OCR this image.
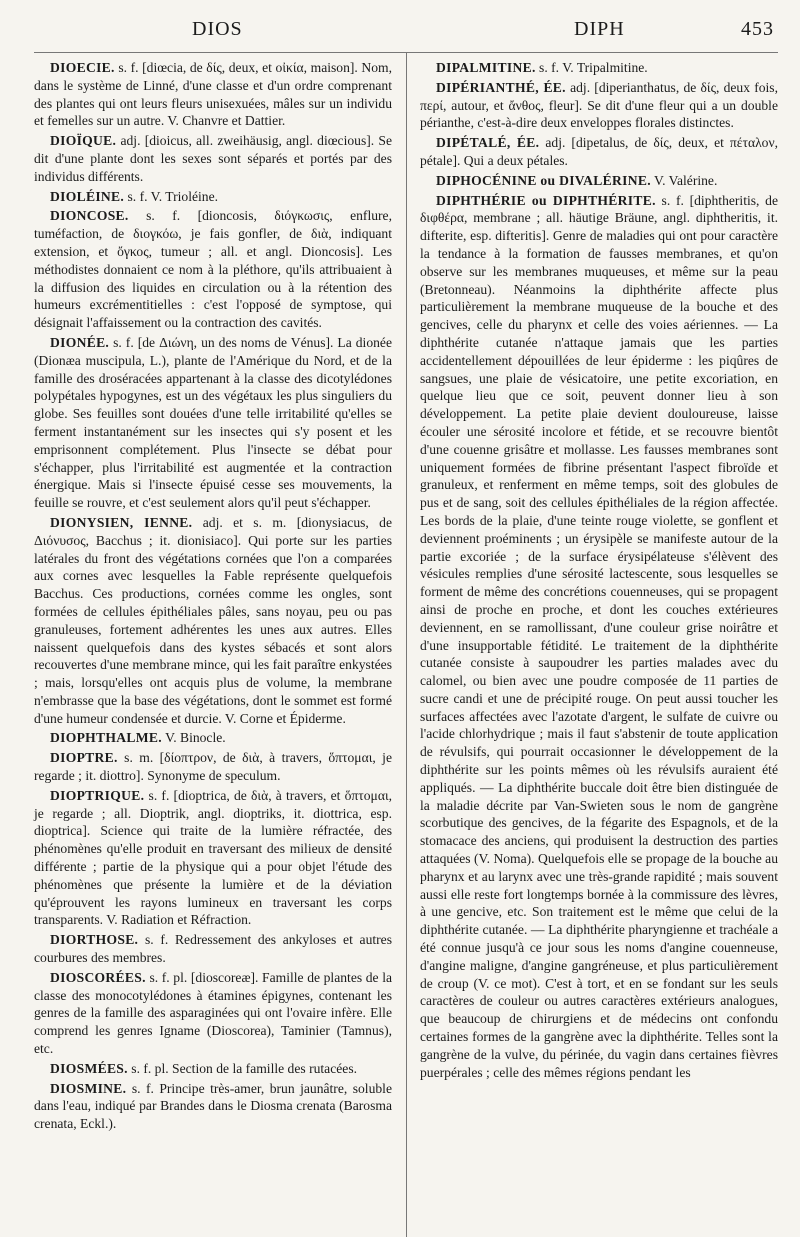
DIOS	DIPH	453

DIOECIE. s. f. [diœcia, de δίς, deux, et οἰκία, maison]. Nom, dans le système de Linné, d'une classe et d'un ordre comprenant des plantes qui ont leurs fleurs unisexuées, mâles sur un individu et femelles sur un autre. V. Chanvre et Dattier.

DIOÏQUE. adj. [dioicus, all. zweihäusig, angl. diœcious]. Se dit d'une plante dont les sexes sont séparés et portés par des individus différents.

DIOLÉINE. s. f. V. Trioléine.

DIONCOSE. s. f. [dioncosis, διόγκωσις, enflure, tuméfaction, de διογκόω, je fais gonfler, de διὰ, indiquant extension, et ὄγκος, tumeur ; all. et angl. Dioncosis]. Les méthodistes donnaient ce nom à la pléthore, qu'ils attribuaient à la diffusion des liquides en circulation ou à la rétention des humeurs excrémentitielles : c'est l'opposé de symptose, qui désignait l'affaissement ou la contraction des cavités.

DIONÉE. s. f. [de Διώνη, un des noms de Vénus]. La dionée (Dionæa muscipula, L.), plante de l'Amérique du Nord, et de la famille des droséracées appartenant à la classe des dicotylédones polypétales hypogynes, est un des végétaux les plus singuliers du globe. Ses feuilles sont douées d'une telle irritabilité qu'elles se ferment instantanément sur les insectes qui s'y posent et les emprisonnent complétement. Plus l'insecte se débat pour s'échapper, plus l'irritabilité est augmentée et la contraction énergique. Mais si l'insecte épuisé cesse ses mouvements, la feuille se rouvre, et c'est seulement alors qu'il peut s'échapper.

DIONYSIEN, IENNE. adj. et s. m. [dionysiacus, de Διόνυσος, Bacchus ; it. dionisiaco]. Qui porte sur les parties latérales du front des végétations cornées que l'on a comparées aux cornes avec lesquelles la Fable représente quelquefois Bacchus. Ces productions, cornées comme les ongles, sont formées de cellules épithéliales pâles, sans noyau, peu ou pas granuleuses, fortement adhérentes les unes aux autres. Elles naissent quelquefois dans des kystes sébacés et sont alors recouvertes d'une membrane mince, qui les fait paraître enkystées ; mais, lorsqu'elles ont acquis plus de volume, la membrane n'embrasse que la base des végétations, dont le sommet est formé d'une humeur condensée et durcie. V. Corne et Épiderme.

DIOPHTHALME. V. Binocle.

DIOPTRE. s. m. [δίοπτρον, de διὰ, à travers, ὅπτομαι, je regarde ; it. diottro]. Synonyme de speculum.

DIOPTRIQUE. s. f. [dioptrica, de διὰ, à travers, et ὅπτομαι, je regarde ; all. Dioptrik, angl. dioptriks, it. diottrica, esp. dioptrica]. Science qui traite de la lumière réfractée, des phénomènes qu'elle produit en traversant des milieux de densité différente ; partie de la physique qui a pour objet l'étude des phénomènes que présente la lumière et de la déviation qu'éprouvent les rayons lumineux en traversant les corps transparents. V. Radiation et Réfraction.

DIORTHOSE. s. f. Redressement des ankyloses et autres courbures des membres.

DIOSCORÉES. s. f. pl. [dioscoreæ]. Famille de plantes de la classe des monocotylédones à étamines épigynes, contenant les genres de la famille des asparaginées qui ont l'ovaire infère. Elle comprend les genres Igname (Dioscorea), Taminier (Tamnus), etc.

DIOSMÉES. s. f. pl. Section de la famille des rutacées.

DIOSMINE. s. f. Principe très-amer, brun jaunâtre, soluble dans l'eau, indiqué par Brandes dans le Diosma crenata (Barosma crenata, Eckl.).

DIPALMITINE. s. f. V. Tripalmitine.

DIPÉRIANTHÉ, ÉE. adj. [diperianthatus, de δίς, deux fois, περί, autour, et ἄνθος, fleur]. Se dit d'une fleur qui a un double périanthe, c'est-à-dire deux enveloppes florales distinctes.

DIPÉTALÉ, ÉE. adj. [dipetalus, de δίς, deux, et πέταλον, pétale]. Qui a deux pétales.

DIPHOCÉNINE ou DIVALÉRINE. V. Valérine.

DIPHTHÉRIE ou DIPHTHÉRITE. s. f. [diphtheritis, de διφθέρα, membrane ; all. häutige Bräune, angl. diphtheritis, it. difterite, esp. difteritis]. Genre de maladies qui ont pour caractère la tendance à la formation de fausses membranes, et qu'on observe sur les membranes muqueuses, et même sur la peau (Bretonneau). Néanmoins la diphthérite affecte plus particulièrement la membrane muqueuse de la bouche et des gencives, celle du pharynx et celle des voies aériennes. — La diphthérite cutanée n'attaque jamais que les parties accidentellement dépouillées de leur épiderme : les piqûres de sangsues, une plaie de vésicatoire, une petite excoriation, en quelque lieu que ce soit, peuvent donner lieu à son développement. La petite plaie devient douloureuse, laisse écouler une sérosité incolore et fétide, et se recouvre bientôt d'une couenne grisâtre et mollasse. Les fausses membranes sont uniquement formées de fibrine présentant l'aspect fibroïde et granuleux, et renferment en même temps, soit des globules de pus et de sang, soit des cellules épithéliales de la région affectée. Les bords de la plaie, d'une teinte rouge violette, se gonflent et deviennent proéminents ; un érysipèle se manifeste autour de la partie excoriée ; de la surface érysipélateuse s'élèvent des vésicules remplies d'une sérosité lactescente, sous lesquelles se forment de même des concrétions couenneuses, qui se propagent ainsi de proche en proche, et dont les couches extérieures deviennent, en se ramollissant, d'une couleur grise noirâtre et d'une insupportable fétidité. Le traitement de la diphthérite cutanée consiste à saupoudrer les parties malades avec du calomel, ou bien avec une poudre composée de 11 parties de sucre candi et une de précipité rouge. On peut aussi toucher les surfaces affectées avec l'azotate d'argent, le sulfate de cuivre ou l'acide chlorhydrique ; mais il faut s'abstenir de toute application de révulsifs, qui pourrait occasionner le développement de la diphthérite sur les points mêmes où les révulsifs auraient été appliqués. — La diphthérite buccale doit être bien distinguée de la maladie décrite par Van-Swieten sous le nom de gangrène scorbutique des gencives, de la fégarite des Espagnols, et de la stomacace des anciens, qui produisent la destruction des parties attaquées (V. Noma). Quelquefois elle se propage de la bouche au pharynx et au larynx avec une très-grande rapidité ; mais souvent aussi elle reste fort longtemps bornée à la commissure des lèvres, à une gencive, etc. Son traitement est le même que celui de la diphthérite cutanée. — La diphthérite pharyngienne et trachéale a été connue jusqu'à ce jour sous les noms d'angine couenneuse, d'angine maligne, d'angine gangréneuse, et plus particulièrement de croup (V. ce mot). C'est à tort, et en se fondant sur les seuls caractères de couleur ou autres caractères extérieurs analogues, que beaucoup de chirurgiens et de médecins ont confondu certaines formes de la gangrène avec la diphthérite. Telles sont la gangrène de la vulve, du périnée, du vagin dans certaines fièvres puerpérales ; celle des mêmes régions pendant les
